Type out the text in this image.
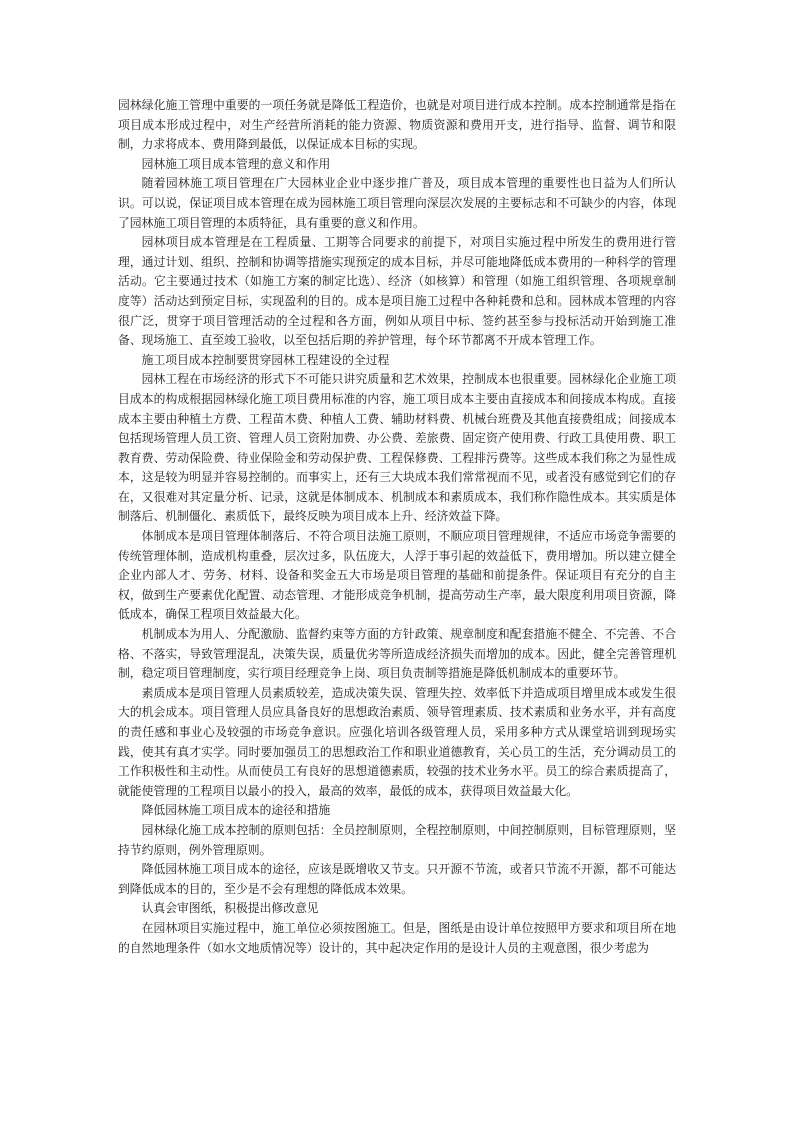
园林绿化施工管理中重要的一项任务就是降低工程造价，也就是对项目进行成本控制。成本控制通常是指在项目成本形成过程中，对生产经营所消耗的能力资源、物质资源和费用开支，进行指导、监督、调节和限制，力求将成本、费用降到最低，以保证成本目标的实现。

园林施工项目成本管理的意义和作用

随着园林施工项目管理在广大园林业企业中逐步推广普及，项目成本管理的重要性也日益为人们所认识。可以说，保证项目成本管理在成为园林施工项目管理向深层次发展的主要标志和不可缺少的内容，体现了园林施工项目管理的本质特征，具有重要的意义和作用。

园林项目成本管理是在工程质量、工期等合同要求的前提下，对项目实施过程中所发生的费用进行管理，通过计划、组织、控制和协调等措施实现预定的成本目标，并尽可能地降低成本费用的一种科学的管理活动。它主要通过技术（如施工方案的制定比选）、经济（如核算）和管理（如施工组织管理、各项规章制度等）活动达到预定目标，实现盈利的目的。成本是项目施工过程中各种耗费和总和。园林成本管理的内容很广泛，贯穿于项目管理活动的全过程和各方面，例如从项目中标、签约甚至参与投标活动开始到施工准备、现场施工、直至竣工验收，以至包括后期的养护管理，每个环节都离不开成本管理工作。

施工项目成本控制要贯穿园林工程建设的全过程

园林工程在市场经济的形式下不可能只讲究质量和艺术效果，控制成本也很重要。园林绿化企业施工项目成本的构成根据园林绿化施工项目费用标准的内容，施工项目成本主要由直接成本和间接成本构成。直接成本主要由种植土方费、工程苗木费、种植人工费、辅助材料费、机械台班费及其他直接费组成；间接成本包括现场管理人员工资、管理人员工资附加费、办公费、差旅费、固定资产使用费、行政工具使用费、职工教育费、劳动保险费、待业保险金和劳动保护费、工程保修费、工程排污费等。这些成本我们称之为显性成本，这是较为明显并容易控制的。而事实上，还有三大块成本我们常常视而不见，或者没有感觉到它们的存在，又很难对其定量分析、记录，这就是体制成本、机制成本和素质成本，我们称作隐性成本。其实质是体制落后、机制僵化、素质低下，最终反映为项目成本上升、经济效益下降。

体制成本是项目管理体制落后、不符合项目法施工原则，不顺应项目管理规律，不适应市场竞争需要的传统管理体制，造成机构重叠，层次过多，队伍庞大，人浮于事引起的效益低下，费用增加。所以建立健全企业内部人才、劳务、材料、设备和奖金五大市场是项目管理的基础和前提条件。保证项目有充分的自主权，做到生产要素优化配置、动态管理、才能形成竞争机制，提高劳动生产率，最大限度利用项目资源，降低成本，确保工程项目效益最大化。

机制成本为用人、分配激励、监督约束等方面的方针政策、规章制度和配套措施不健全、不完善、不合格、不落实，导致管理混乱，决策失误，质量优劣等所造成经济损失而增加的成本。因此，健全完善管理机制，稳定项目管理制度，实行项目经理竞争上岗、项目负责制等措施是降低机制成本的重要环节。

素质成本是项目管理人员素质较差，造成决策失误、管理失控、效率低下并造成项目增里成本或发生很大的机会成本。项目管理人员应具备良好的思想政治素质、领导管理素质、技术素质和业务水平，并有高度的责任感和事业心及较强的市场竞争意识。应强化培训各级管理人员，采用多种方式从课堂培训到现场实践，使其有真才实学。同时要加强员工的思想政治工作和职业道德教育，关心员工的生活，充分调动员工的工作积极性和主动性。从而使员工有良好的思想道德素质，较强的技术业务水平。员工的综合素质提高了，就能使管理的工程项目以最小的投入，最高的效率，最低的成本，获得项目效益最大化。

降低园林施工项目成本的途径和措施

园林绿化施工成本控制的原则包括：全员控制原则，全程控制原则，中间控制原则，目标管理原则，坚持节约原则，例外管理原则。

降低园林施工项目成本的途径，应该是既增收又节支。只开源不节流，或者只节流不开源，都不可能达到降低成本的目的，至少是不会有理想的降低成本效果。

认真会审图纸，积极提出修改意见

在园林项目实施过程中，施工单位必须按图施工。但是，图纸是由设计单位按照甲方要求和项目所在地的自然地理条件（如水文地质情况等）设计的，其中起决定作用的是设计人员的主观意图，很少考虑为
